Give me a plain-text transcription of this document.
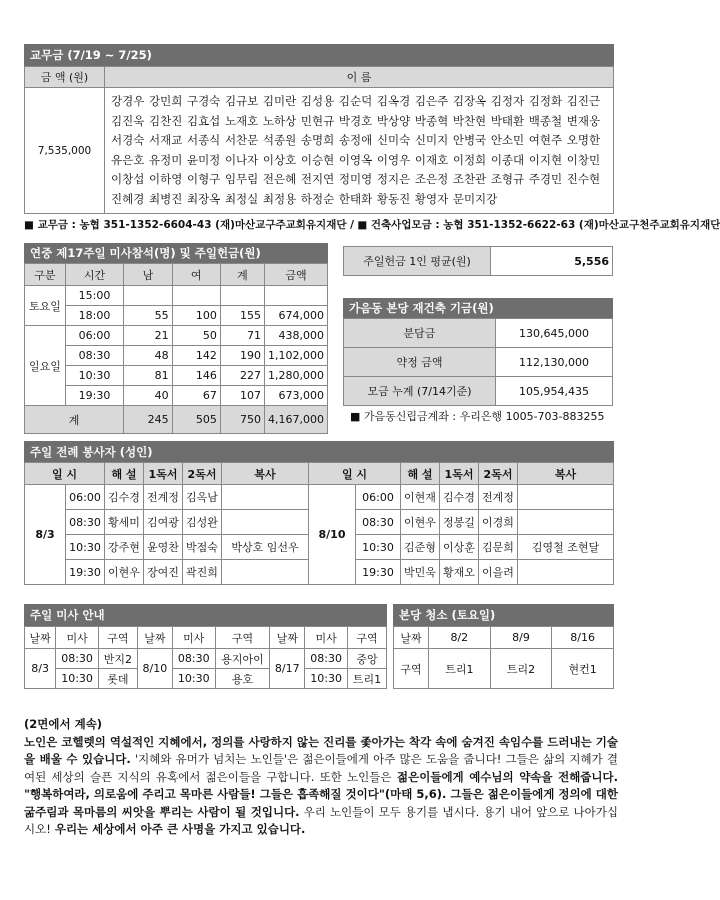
교무금 (7/19 ~ 7/25)
금 액 (원)	이 름
7,535,000	강경우 강민희 구경숙 김규보 김미란 김성용 김순덕 김옥경 김은주 김장옥 김정자 김정화 김진근 김진욱 김찬진 김효섭 노재호 노하상 민현규 박경호 박상양 박종혁 박찬현 박태환 백종철 변재웅 서경숙 서재교 서종식 서찬문 석종원 송명희 송정애 신미숙 신미지 안병국 안소민 여현주 오명한 유은호 유정미 윤미정 이나자 이상호 이승현 이영옥 이영우 이재호 이정희 이종대 이지현 이창민 이창섭 이하영 이형구 임무림 전은혜 전지연 정미영 정지은 조은정 조찬관 조형규 주경민 진수현 진혜경 최병진 최장옥 최정실 최정용 하정순 한태화 황동진 황영자 문미지강
■ 교무금 : 농협 351-1352-6604-43 (재)마산교구주교회유지재단 / ■ 건축사업모금 : 농협 351-1352-6622-63 (재)마산교구천주교회유지재단
연중 제17주일 미사참석(명) 및 주일헌금(원)
구분	시간	남	여	계	금액
토요일	15:00				
	18:00	55	100	155	674,000
일요일	06:00	21	50	71	438,000
	08:30	48	142	190	1,102,000
	10:30	81	146	227	1,280,000
	19:30	40	67	107	673,000
계		245	505	750	4,167,000
주일헌금 1인 평균(원)	5,556
가음동 본당 재건축 기금(원)
분담금	130,645,000
약정 금액	112,130,000
모금 누계 (7/14기준)	105,954,435
■ 가음동신립금계좌 : 우리은행 1005-703-883255
주일 전례 봉사자 (성인)
일 시		해 설	1독서	2독서	복사	일 시		해 설	1독서	2독서	복사
8/3	06:00	김수경	전계정	김옥남		8/10	06:00	이현재	김수경	전계정	
	08:30	황세미	김여광	김성완			08:30	이현우	정봉길	이경희	
	10:30	강주현	윤영찬	박점숙	박상호 임선우		10:30	김준형	이상훈	김문희	김영철 조현달
	19:30	이현우	장여진	곽진희			19:30	박민욱	황재오	이을려	
주일 미사 안내
날짜	미사	구역	날짜	미사	구역	날짜	미사	구역
8/3	08:30	반지2	8/10	08:30	용지아이	8/17	08:30	중앙
	10:30	롯데		10:30	용호		10:30	트리1
본당 청소 (토요일)
날짜	8/2	8/9	8/16
구역	트리1	트리2	현컨1
(2면에서 계속)
노인은 코헬렛의 역설적인 지혜에서, 정의를 사랑하지 않는 진리를 좇아가는 착각 속에 숨겨진 속임수를 드러내는 기술을 배울 수 있습니다. '지혜와 유머가 넘치는 노인들'은 젊은이들에게 아주 많은 도움을 줍니다! 그들은 삶의 지혜가 결여된 세상의 슬픈 지식의 유혹에서 젊은이들을 구합니다. 또한 노인들은 젊은이들에게 예수님의 약속을 전해줍니다. "행복하여라, 의로움에 주리고 목마른 사람들! 그들은 흡족해질 것이다"(마태 5,6). 그들은 젊은이들에게 정의에 대한 굶주림과 목마름의 씨앗을 뿌리는 사람이 될 것입니다. 우리 노인들이 모두 용기를 냅시다. 용기 내어 앞으로 나아가십시오! 우리는 세상에서 아주 큰 사명을 가지고 있습니다.
